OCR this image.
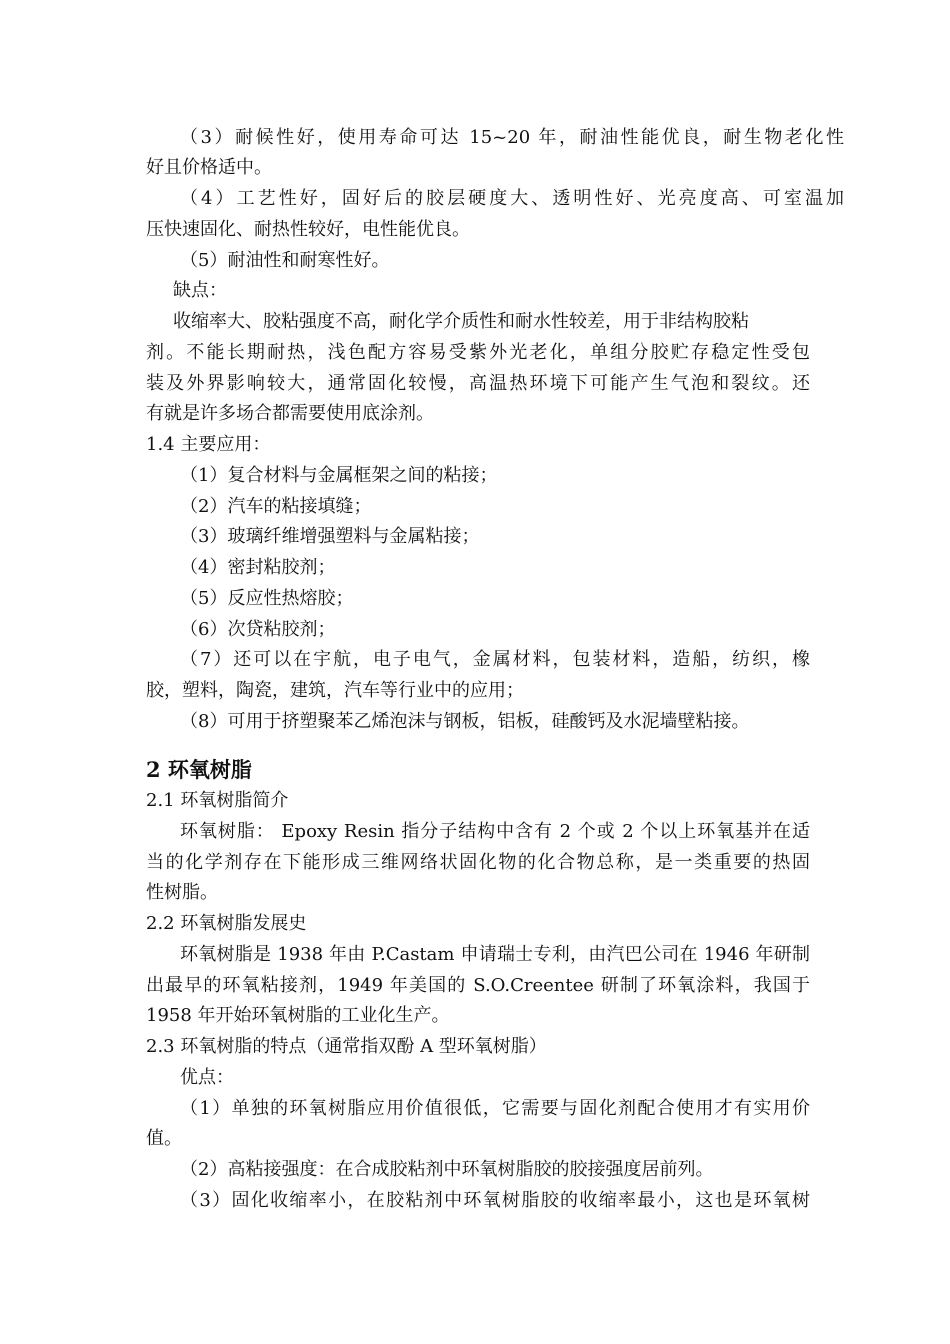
（3）耐候性好，使用寿命可达 15~20 年，耐油性能优良，耐生物老化性
好且价格适中。
（4）工艺性好，固好后的胶层硬度大、透明性好、光亮度高、可室温加
压快速固化、耐热性较好，电性能优良。
（5）耐油性和耐寒性好。
缺点：
收缩率大、胶粘强度不高，耐化学介质性和耐水性较差，用于非结构胶粘
剂。不能长期耐热，浅色配方容易受紫外光老化，单组分胶贮存稳定性受包
装及外界影响较大，通常固化较慢，高温热环境下可能产生气泡和裂纹。还
有就是许多场合都需要使用底涂剂。
1.4 主要应用：
（1）复合材料与金属框架之间的粘接；
（2）汽车的粘接填缝；
（3）玻璃纤维增强塑料与金属粘接；
（4）密封粘胶剂；
（5）反应性热熔胶；
（6）次贷粘胶剂；
（7）还可以在宇航，电子电气，金属材料，包装材料，造船，纺织，橡
胶，塑料，陶瓷，建筑，汽车等行业中的应用；
（8）可用于挤塑聚苯乙烯泡沫与钢板，铝板，硅酸钙及水泥墙壁粘接。
2 环氧树脂
2.1 环氧树脂简介
环氧树脂： Epoxy Resin 指分子结构中含有 2 个或 2 个以上环氧基并在适
当的化学剂存在下能形成三维网络状固化物的化合物总称，是一类重要的热固
性树脂。
2.2 环氧树脂发展史
环氧树脂是 1938 年由 P.Castam 申请瑞士专利，由汽巴公司在 1946 年研制
出最早的环氧粘接剂，1949 年美国的 S.O.Creentee 研制了环氧涂料，我国于
1958 年开始环氧树脂的工业化生产。
2.3 环氧树脂的特点（通常指双酚 A 型环氧树脂）
优点：
（1）单独的环氧树脂应用价值很低，它需要与固化剂配合使用才有实用价
值。
（2）高粘接强度：在合成胶粘剂中环氧树脂胶的胶接强度居前列。
（3）固化收缩率小，在胶粘剂中环氧树脂胶的收缩率最小，这也是环氧树
